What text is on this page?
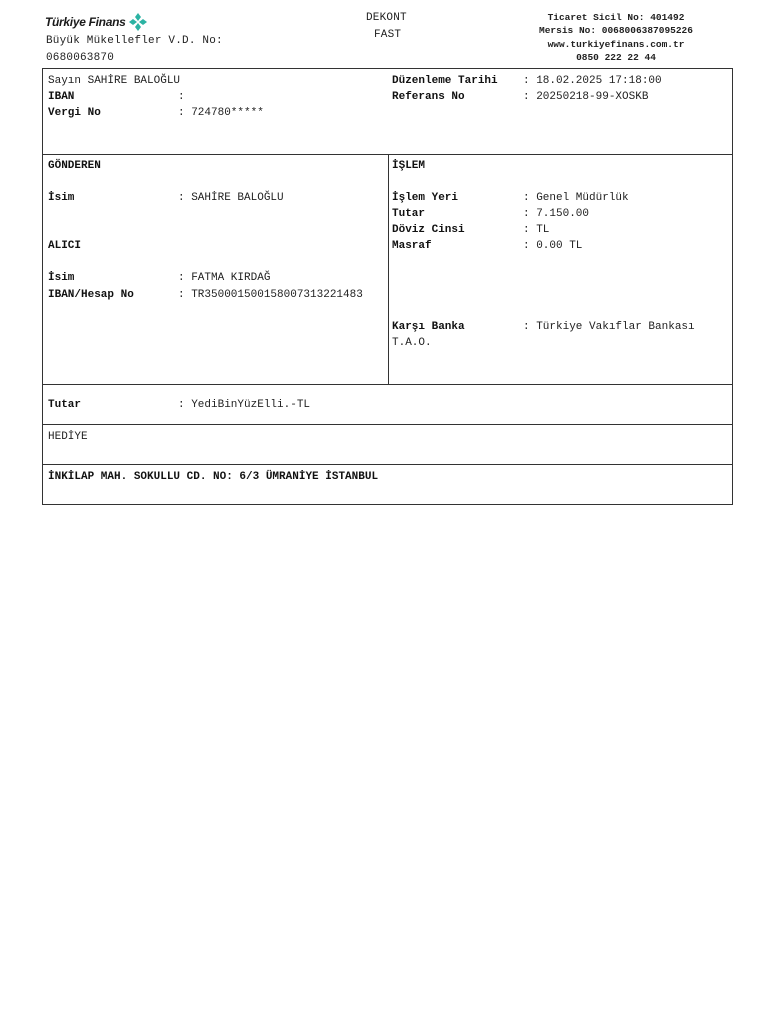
Türkiye Finans
Büyük Mükellefler V.D. No:
0680063870
DEKONT
FAST
Ticaret Sicil No: 401492
Mersis No: 0068006387095226
www.turkiyefinans.com.tr
0850 222 22 44
Sayın SAHİRE BALOĞLU
IBAN	:
Vergi No	: 724780*****
Düzenleme Tarihi : 18.02.2025 17:18:00
Referans No	: 20250218-99-XOSKB
GÖNDEREN
İsim	: SAHİRE BALOĞLU
ALICI
İsim	: FATMA KIRDAĞ
IBAN/Hesap No	: TR350001500158007313221483
İŞLEM
İşlem Yeri	: Genel Müdürlük
Tutar	: 7.150.00
Döviz Cinsi	: TL
Masraf	: 0.00 TL
Karşı Banka	: Türkiye Vakıflar Bankası
T.A.O.
Tutar	: YediBinYüzElli.-TL
HEDİYE
İNKİLAP MAH. SOKULLU CD. NO: 6/3 ÜMRANİYE İSTANBUL
